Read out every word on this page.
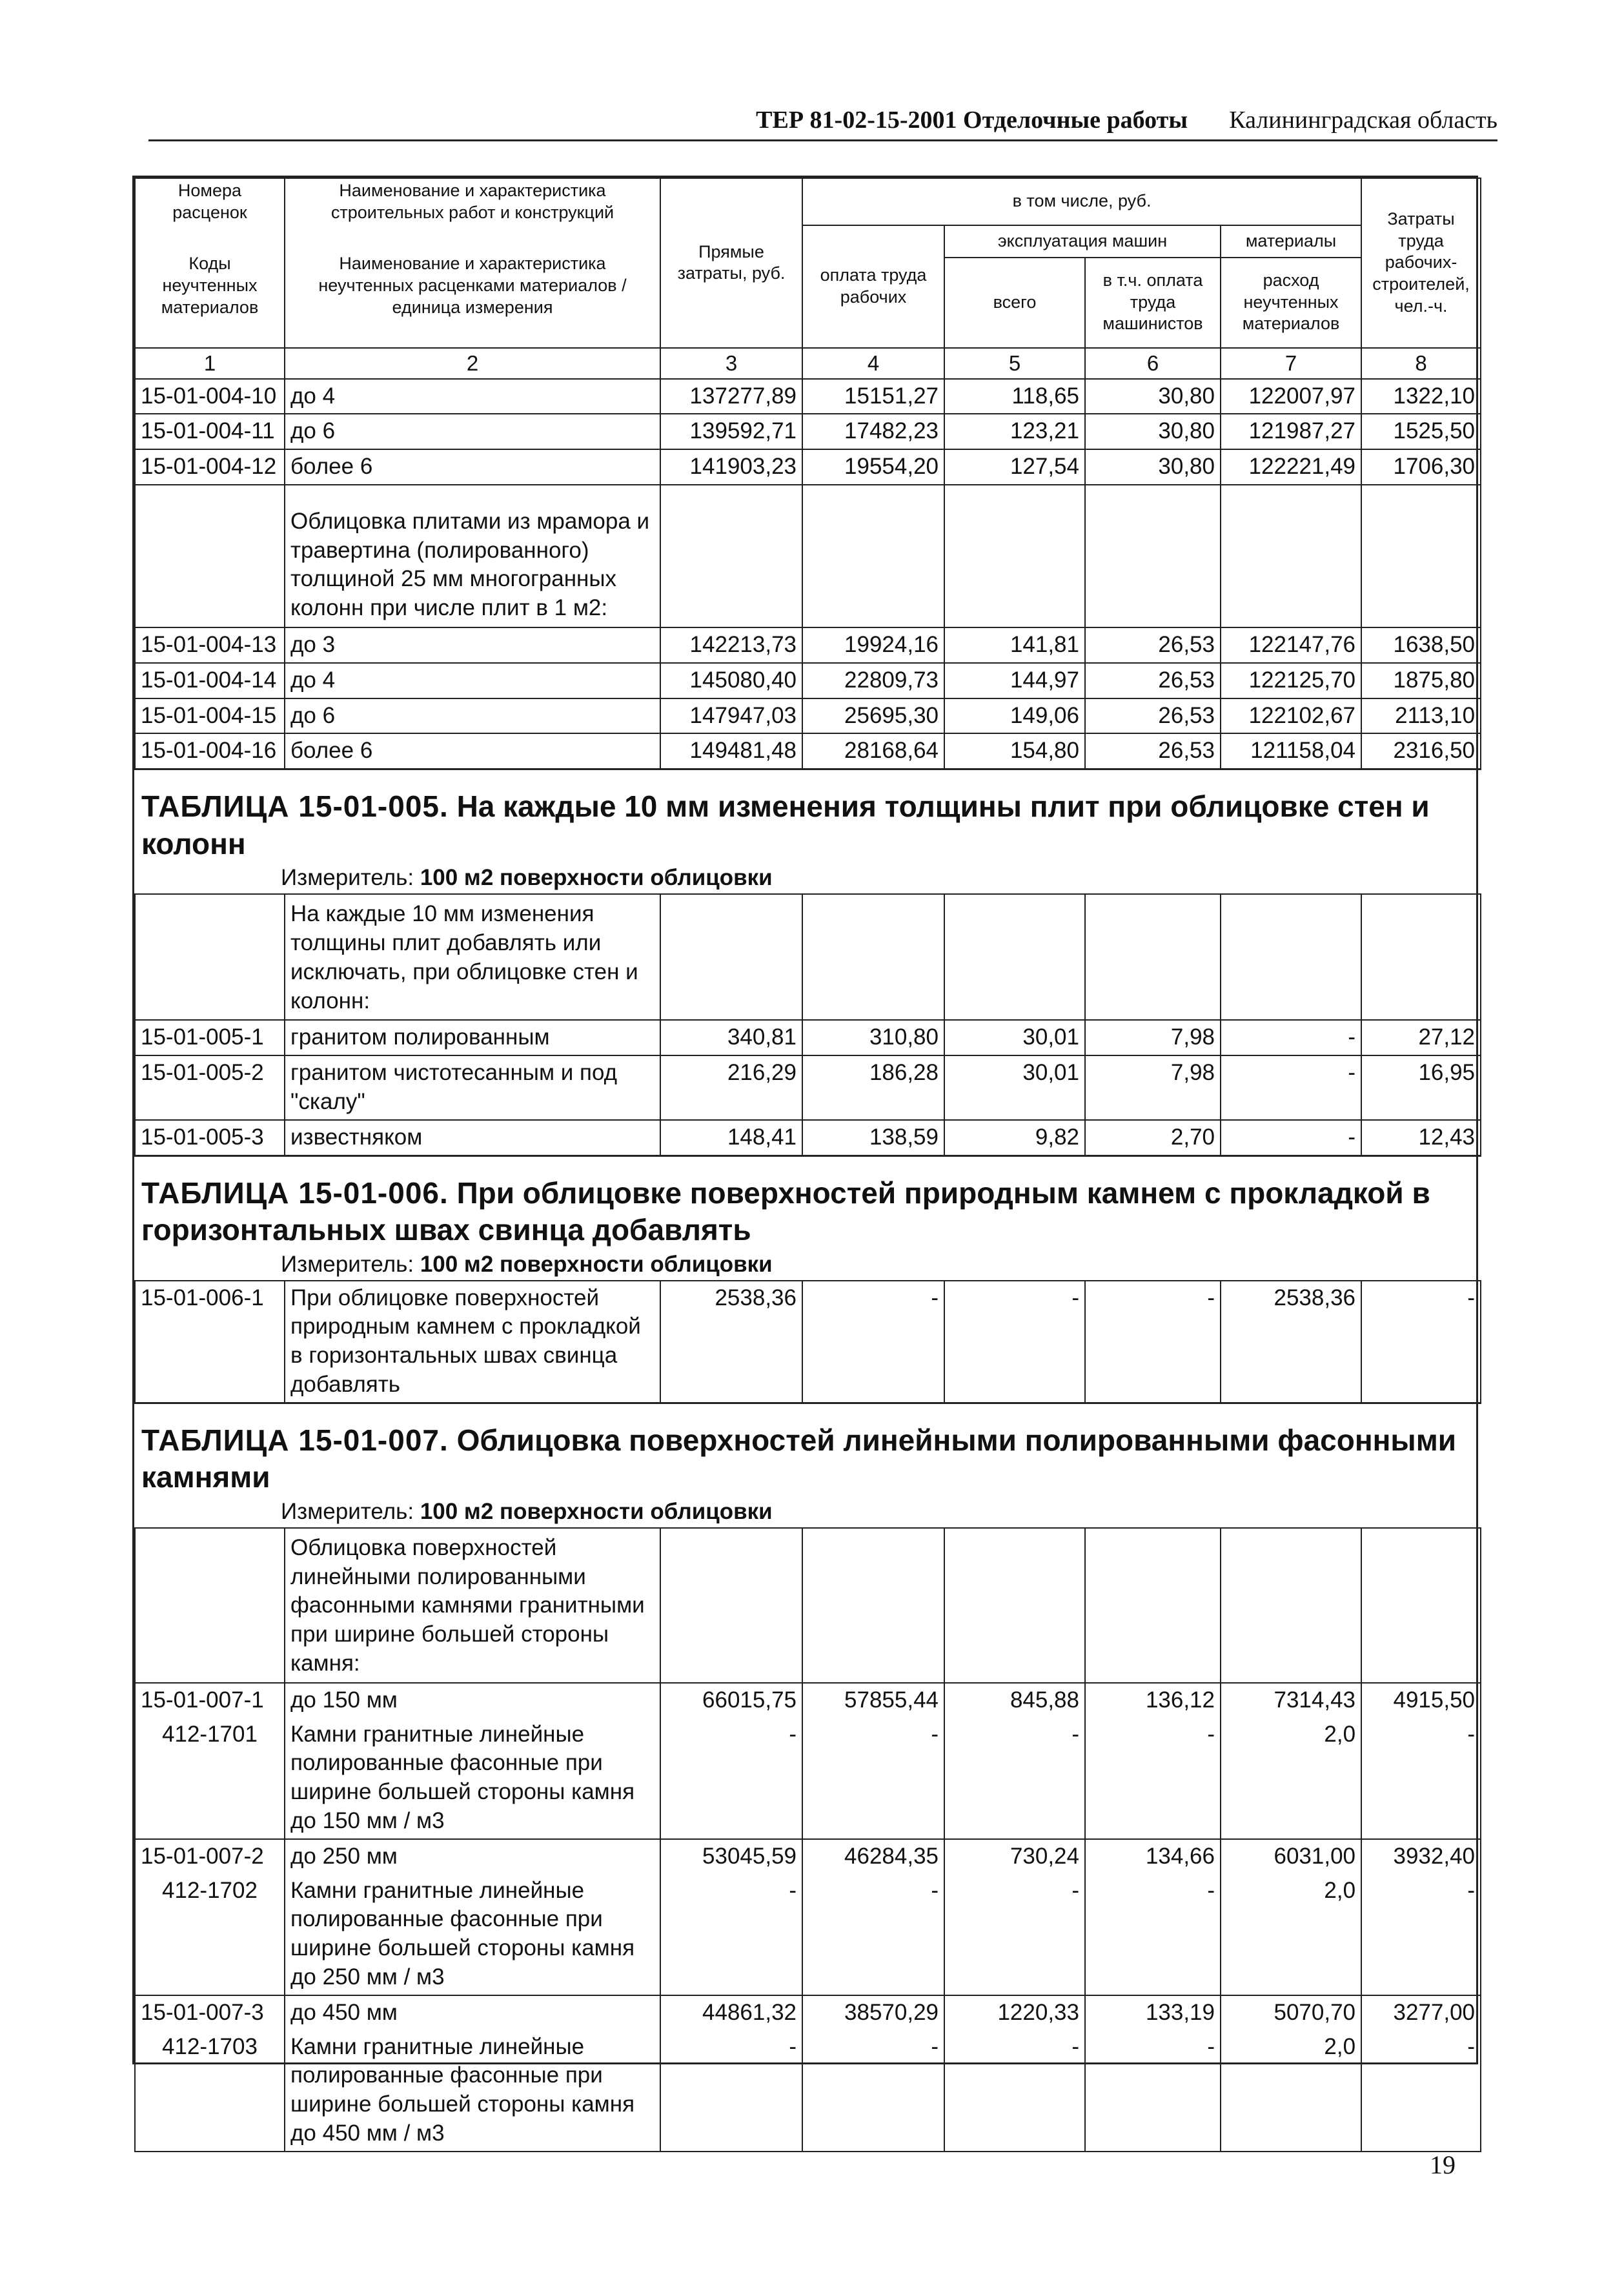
ТЕР 81-02-15-2001 Отделочные работы Калининградская область
Номера расценок	Наименование и характеристика строительных работ и конструкций	Прямые затраты, руб.	в том числе, руб.				Затраты труда рабочих-строителей, чел.-ч.
Коды неучтенных материалов	Наименование и характеристика неучтенных расценками материалов / единица измерения		оплата труда рабочих	эксплуатация машин		материалы	
				всего	в т.ч. оплата труда машинистов	расход неучтенных материалов	
1	2	3	4	5	6	7	8
15-01-004-10	до 4	137277,89	15151,27	118,65	30,80	122007,97	1322,10
15-01-004-11	до 6	139592,71	17482,23	123,21	30,80	121987,27	1525,50
15-01-004-12	более 6	141903,23	19554,20	127,54	30,80	122221,49	1706,30
	Облицовка плитами из мрамора и травертина (полированного) толщиной 25 мм многогранных колонн при числе плит в 1 м2:						
15-01-004-13	до 3	142213,73	19924,16	141,81	26,53	122147,76	1638,50
15-01-004-14	до 4	145080,40	22809,73	144,97	26,53	122125,70	1875,80
15-01-004-15	до 6	147947,03	25695,30	149,06	26,53	122102,67	2113,10
15-01-004-16	более 6	149481,48	28168,64	154,80	26,53	121158,04	2316,50
ТАБЛИЦА 15-01-005. На каждые 10 мм изменения толщины плит при облицовке стен и колонн							
Измеритель: 100 м2 поверхности облицовки							
	На каждые 10 мм изменения толщины плит добавлять или исключать, при облицовке стен и колонн:						
15-01-005-1	гранитом полированным	340,81	310,80	30,01	7,98	-	27,12
15-01-005-2	гранитом чистотесанным и под "скалу"	216,29	186,28	30,01	7,98	-	16,95
15-01-005-3	известняком	148,41	138,59	9,82	2,70	-	12,43
ТАБЛИЦА 15-01-006. При облицовке поверхностей природным камнем с прокладкой в горизонтальных швах свинца добавлять							
Измеритель: 100 м2 поверхности облицовки							
15-01-006-1	При облицовке поверхностей природным камнем с прокладкой в горизонтальных швах свинца добавлять	2538,36	-	-	-	2538,36	-
ТАБЛИЦА 15-01-007. Облицовка поверхностей линейными полированными фасонными камнями							
Измеритель: 100 м2 поверхности облицовки							
	Облицовка поверхностей линейными полированными фасонными камнями гранитными при ширине большей стороны камня:						
15-01-007-1	до 150 мм	66015,75	57855,44	845,88	136,12	7314,43	4915,50
412-1701	Камни гранитные линейные полированные фасонные при ширине большей стороны камня до 150 мм / м3	-	-	-	-	2,0	-
15-01-007-2	до 250 мм	53045,59	46284,35	730,24	134,66	6031,00	3932,40
412-1702	Камни гранитные линейные полированные фасонные при ширине большей стороны камня до 250 мм / м3	-	-	-	-	2,0	-
15-01-007-3	до 450 мм	44861,32	38570,29	1220,33	133,19	5070,70	3277,00
412-1703	Камни гранитные линейные полированные фасонные при ширине большей стороны камня до 450 мм / м3	-	-	-	-	2,0	-
19
